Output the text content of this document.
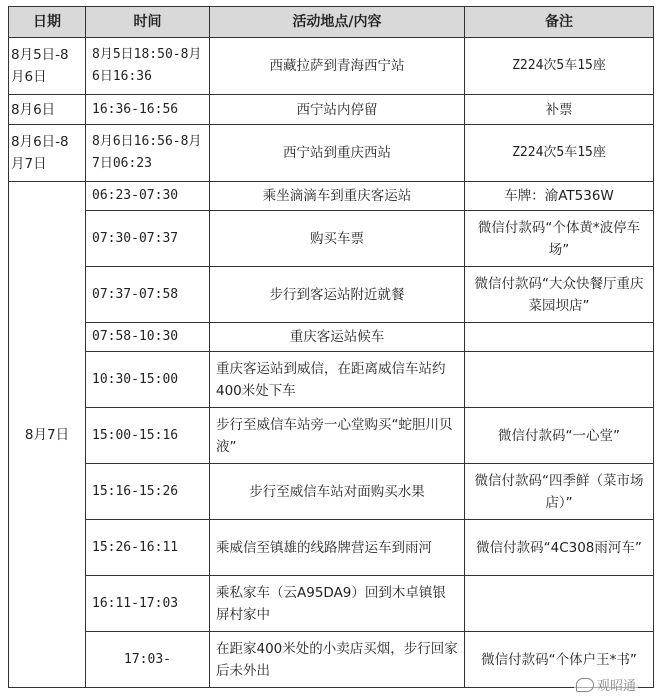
日期	时间	活动地点/内容	备注
8月5日-8月6日	8月5日18:50-8月6日16:36	西藏拉萨到青海西宁站	Z224次5车15座
8月6日	16:36-16:56	西宁站内停留	补票
8月6日-8月7日	8月6日16:56-8月7日06:23	西宁站到重庆西站	Z224次5车15座
8月7日	06:23-07:30	乘坐滴滴车到重庆客运站	车牌：渝AT536W
	07:30-07:37	购买车票	微信付款码“个体黄*波停车场”
	07:37-07:58	步行到客运站附近就餐	微信付款码“大众快餐厅重庆菜园坝店”
	07:58-10:30	重庆客运站候车	
	10:30-15:00	重庆客运站到威信，在距离威信车站约400米处下车	
	15:00-15:16	步行至威信车站旁一心堂购买“蛇胆川贝液”	微信付款码“一心堂”
	15:16-15:26	步行至威信车站对面购买水果	微信付款码“四季鲜（菜市场店）”
	15:26-16:11	乘威信至镇雄的线路牌营运车到雨河	微信付款码“4C308雨河车”
	16:11-17:03	乘私家车（云A95DA9）回到木卓镇银屏村家中	
	17:03-	在距家400米处的小卖店买烟，步行回家后未外出	微信付款码“个体户王*书”
观昭通
